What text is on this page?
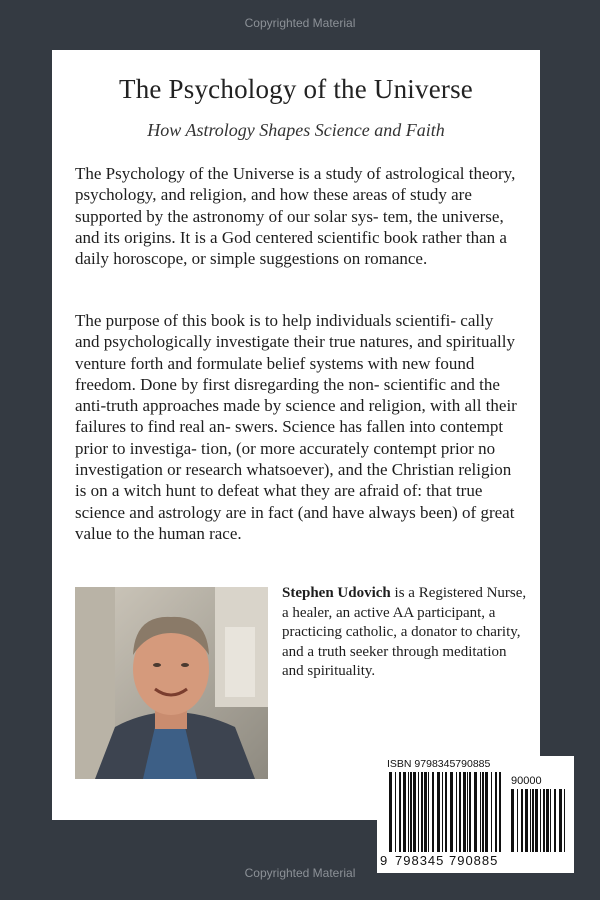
Copyrighted Material
The Psychology of the Universe
How Astrology Shapes Science and Faith

The Psychology of the Universe is a study of astrological theory, psychology, and religion, and how these areas of study are supported by the astronomy of our solar sys- tem, the universe, and its origins. It is a God centered scientific book rather than a daily horoscope, or simple suggestions on romance.

The purpose of this book is to help individuals scientifi- cally and psychologically investigate their true natures, and spiritually venture forth and formulate belief systems with new found freedom. Done by first disregarding the non- scientific and the anti-truth approaches made by science and religion, with all their failures to find real an- swers. Science has fallen into contempt prior to investiga- tion, (or more accurately contempt prior no investigation or research whatsoever), and the Christian religion is on a witch hunt to defeat what they are afraid of: that true science and astrology are in fact (and have always been) of great value to the human race.

Stephen Udovich is a Registered Nurse, a healer, an active AA participant, a practicing catholic, a donator to charity, and a truth seeker through meditation and spirituality.

ISBN 9798345790885
90000
9 798345 790885
Copyrighted Material
